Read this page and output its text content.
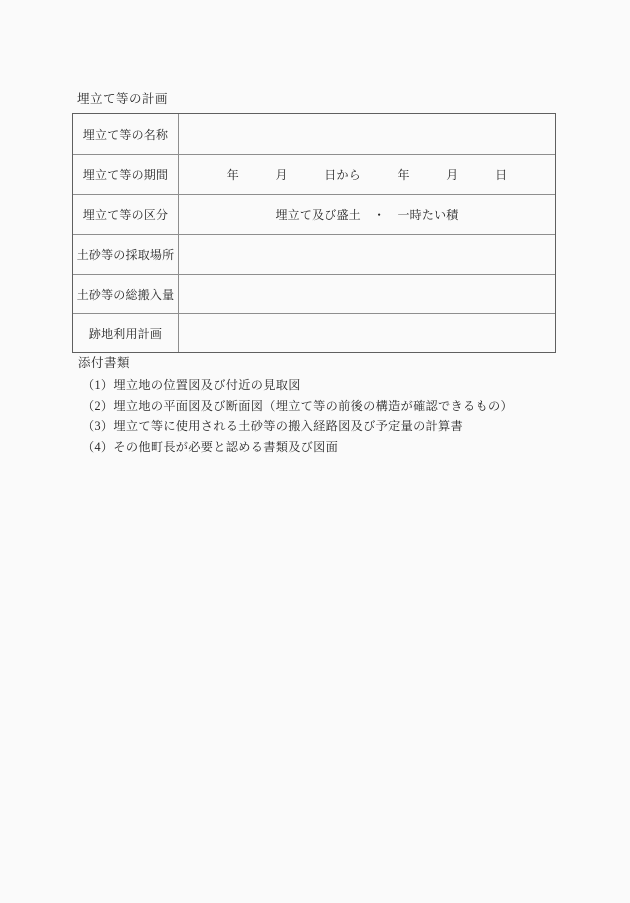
埋立て等の計画
埋立て等の名称
埋立て等の期間	年　　　月　　　日から　　　年　　　月　　　日
埋立て等の区分	埋立て及び盛土　・　一時たい積
土砂等の採取場所
土砂等の総搬入量
跡地利用計画
添付書類
（1）埋立地の位置図及び付近の見取図
（2）埋立地の平面図及び断面図（埋立て等の前後の構造が確認できるもの）
（3）埋立て等に使用される土砂等の搬入経路図及び予定量の計算書
（4）その他町長が必要と認める書類及び図面
